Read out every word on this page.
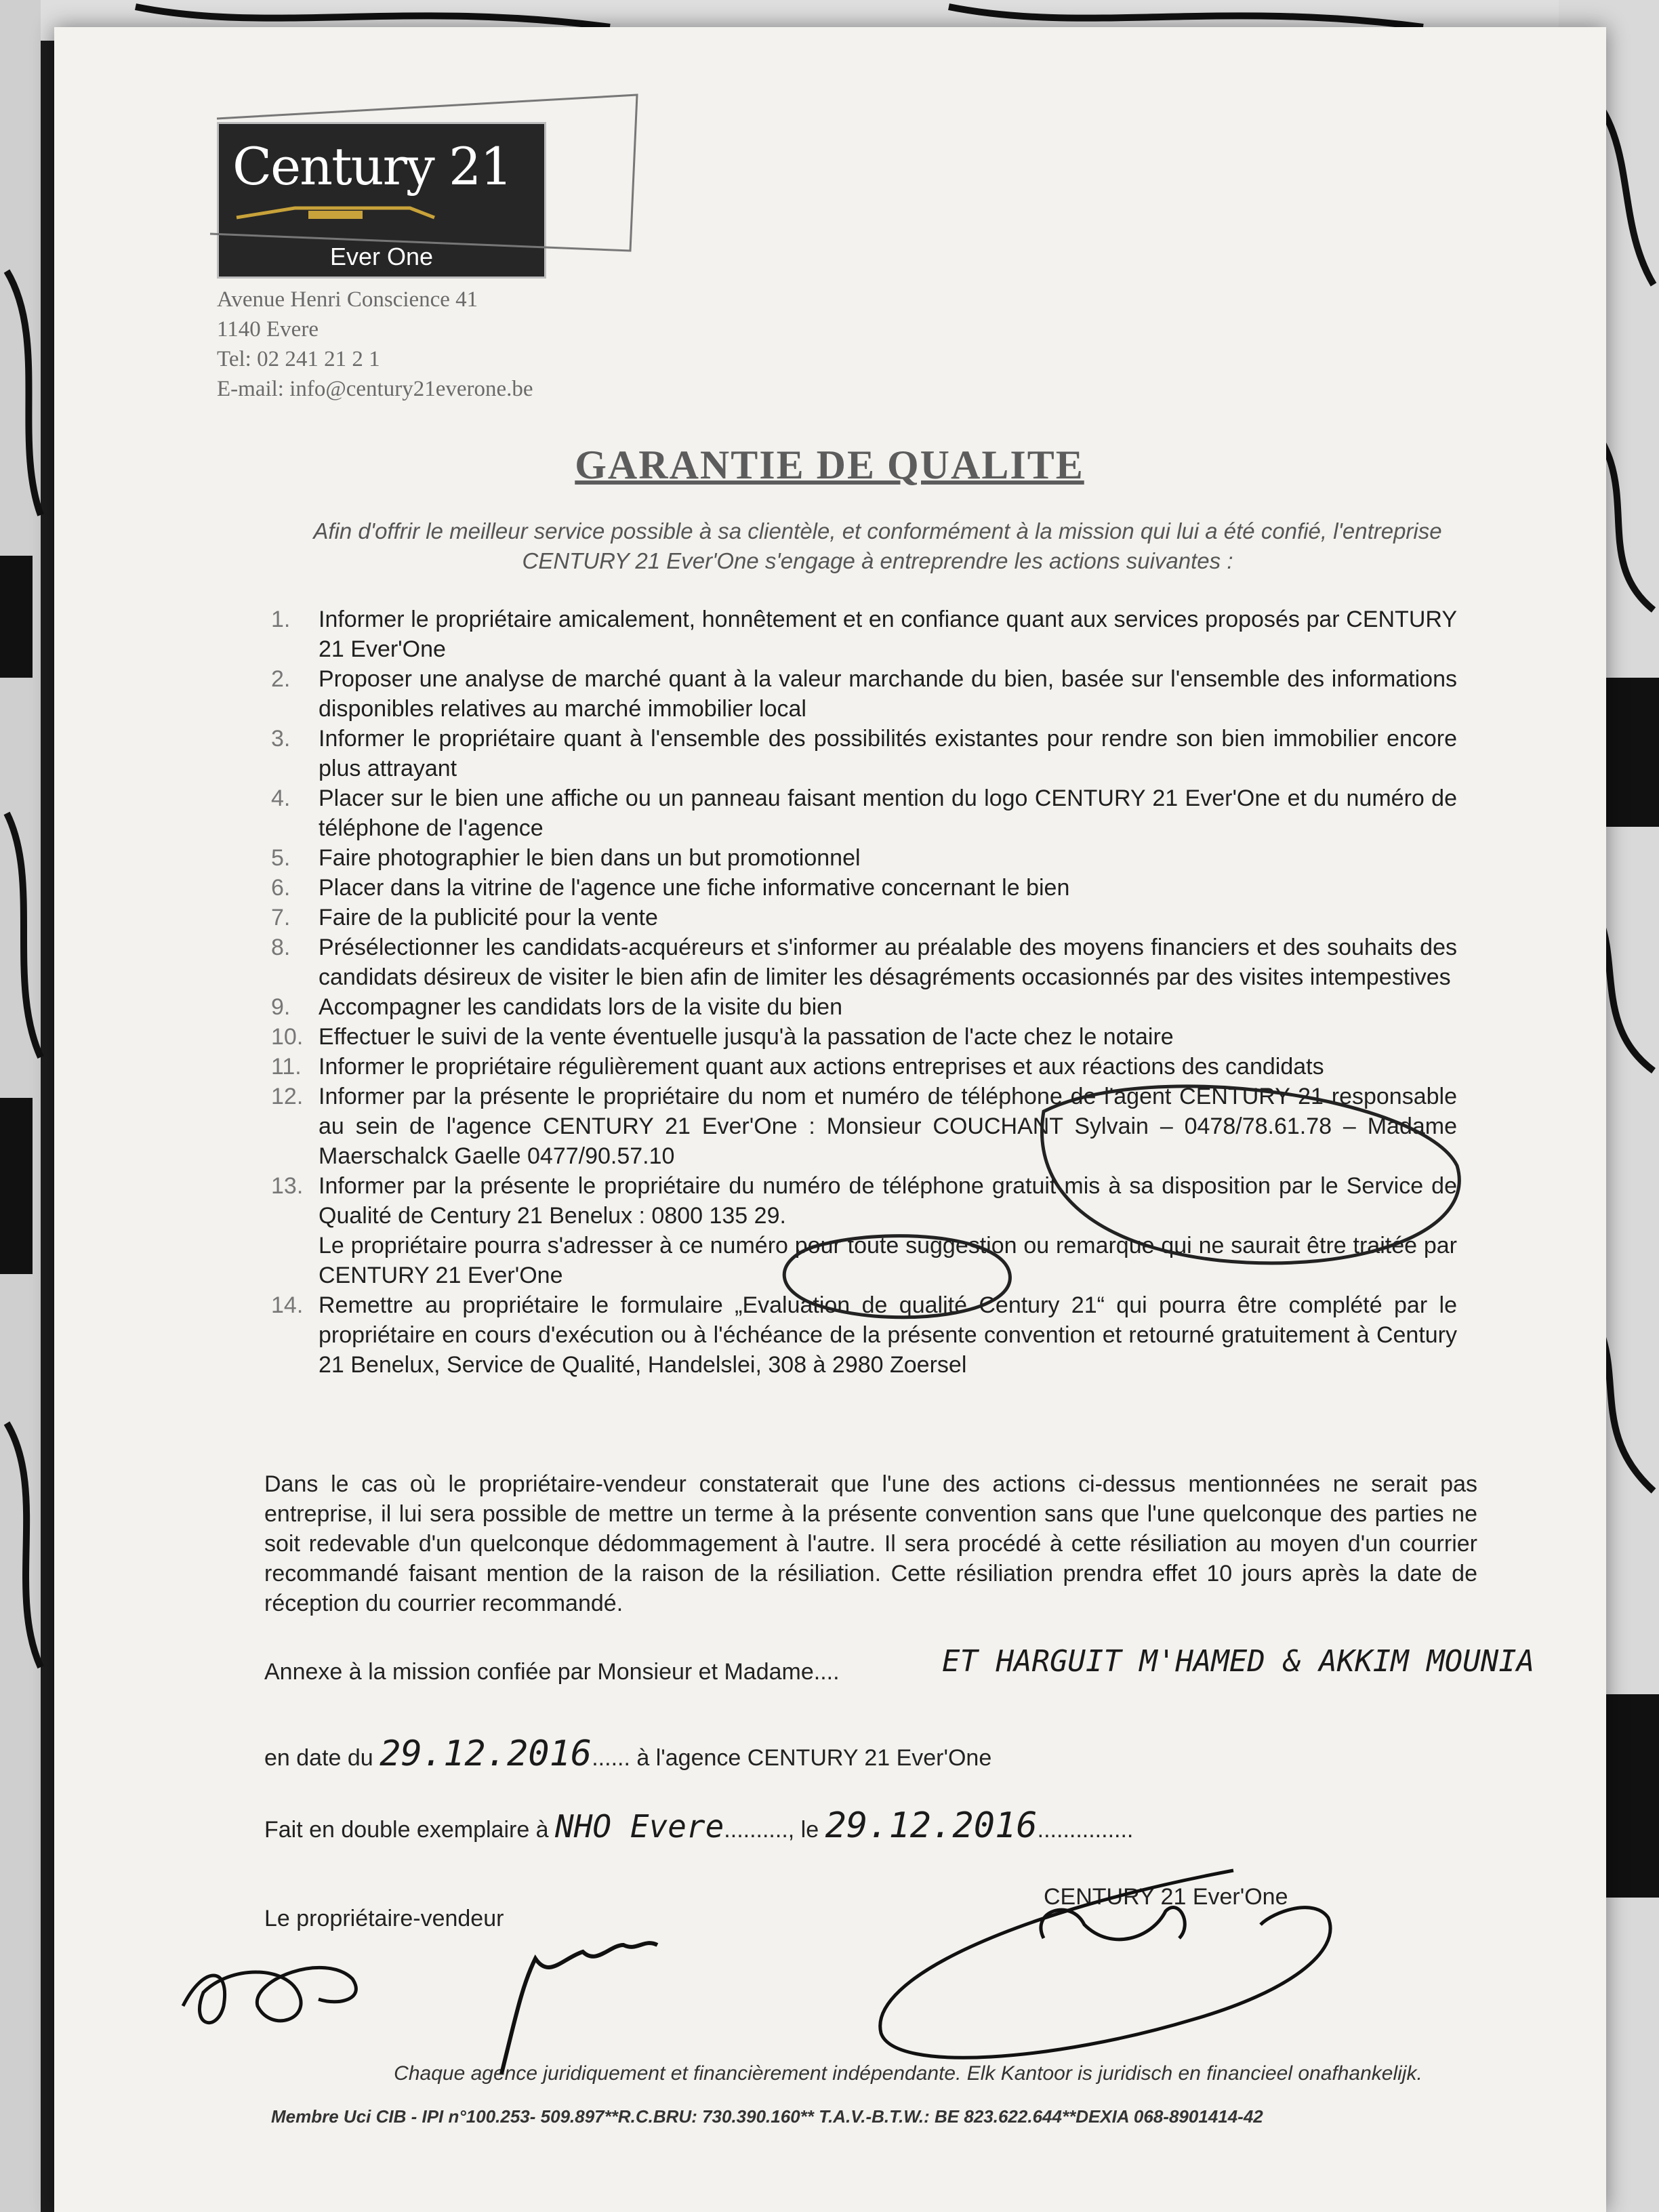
Century 21
Ever One
Avenue Henri Conscience 41
1140 Evere
Tel: 02 241 21 2 1
E-mail: info@century21everone.be
GARANTIE DE QUALITE
Afin d'offrir le meilleur service possible à sa clientèle, et conformément à la mission qui lui a été confié, l'entreprise CENTURY 21 Ever'One s'engage à entreprendre les actions suivantes :
1. Informer le propriétaire amicalement, honnêtement et en confiance quant aux services proposés par CENTURY 21 Ever'One
2. Proposer une analyse de marché quant à la valeur marchande du bien, basée sur l'ensemble des informations disponibles relatives au marché immobilier local
3. Informer le propriétaire quant à l'ensemble des possibilités existantes pour rendre son bien immobilier encore plus attrayant
4. Placer sur le bien une affiche ou un panneau faisant mention du logo CENTURY 21 Ever'One et du numéro de téléphone de l'agence
5. Faire photographier le bien dans un but promotionnel
6. Placer dans la vitrine de l'agence une fiche informative concernant le bien
7. Faire de la publicité pour la vente
8. Présélectionner les candidats-acquéreurs et s'informer au préalable des moyens financiers et des souhaits des candidats désireux de visiter le bien afin de limiter les désagréments occasionnés par des visites intempestives
9. Accompagner les candidats lors de la visite du bien
10. Effectuer le suivi de la vente éventuelle jusqu'à la passation de l'acte chez le notaire
11. Informer le propriétaire régulièrement quant aux actions entreprises et aux réactions des candidats
12. Informer par la présente le propriétaire du nom et numéro de téléphone de l'agent CENTURY 21 responsable au sein de l'agence CENTURY 21 Ever'One : Monsieur COUCHANT Sylvain – 0478/78.61.78 – Madame Maerschalck Gaelle 0477/90.57.10
13. Informer par la présente le propriétaire du numéro de téléphone gratuit mis à sa disposition par le Service de Qualité de Century 21 Benelux : 0800 135 29.
Le propriétaire pourra s'adresser à ce numéro pour toute suggestion ou remarque qui ne saurait être traitée par CENTURY 21 Ever'One
14. Remettre au propriétaire le formulaire „Evaluation de qualité Century 21“ qui pourra être complété par le propriétaire en cours d'exécution ou à l'échéance de la présente convention et retourné gratuitement à Century 21 Benelux, Service de Qualité, Handelslei, 308 à 2980 Zoersel
Dans le cas où le propriétaire-vendeur constaterait que l'une des actions ci-dessus mentionnées ne serait pas entreprise, il lui sera possible de mettre un terme à la présente convention sans que l'une quelconque des parties ne soit redevable d'un quelconque dédommagement à l'autre. Il sera procédé à cette résiliation au moyen d'un courrier recommandé faisant mention de la raison de la résiliation. Cette résiliation prendra effet 10 jours après la date de réception du courrier recommandé.
Annexe à la mission confiée par Monsieur et Madame....	ET HARGUIT M'HAMED & AKKIM MOUNIA
en date du 29.12.2016...... à l'agence CENTURY 21 Ever'One
Fait en double exemplaire à NHO Evere.........., le 29.12.2016...............
Le propriétaire-vendeur
CENTURY 21 Ever'One
Chaque agence juridiquement et financièrement indépendante. Elk Kantoor is juridisch en financieel onafhankelijk.
Membre Uci CIB - IPI n°100.253- 509.897**R.C.BRU: 730.390.160** T.A.V.-B.T.W.: BE 823.622.644**DEXIA 068-8901414-42
